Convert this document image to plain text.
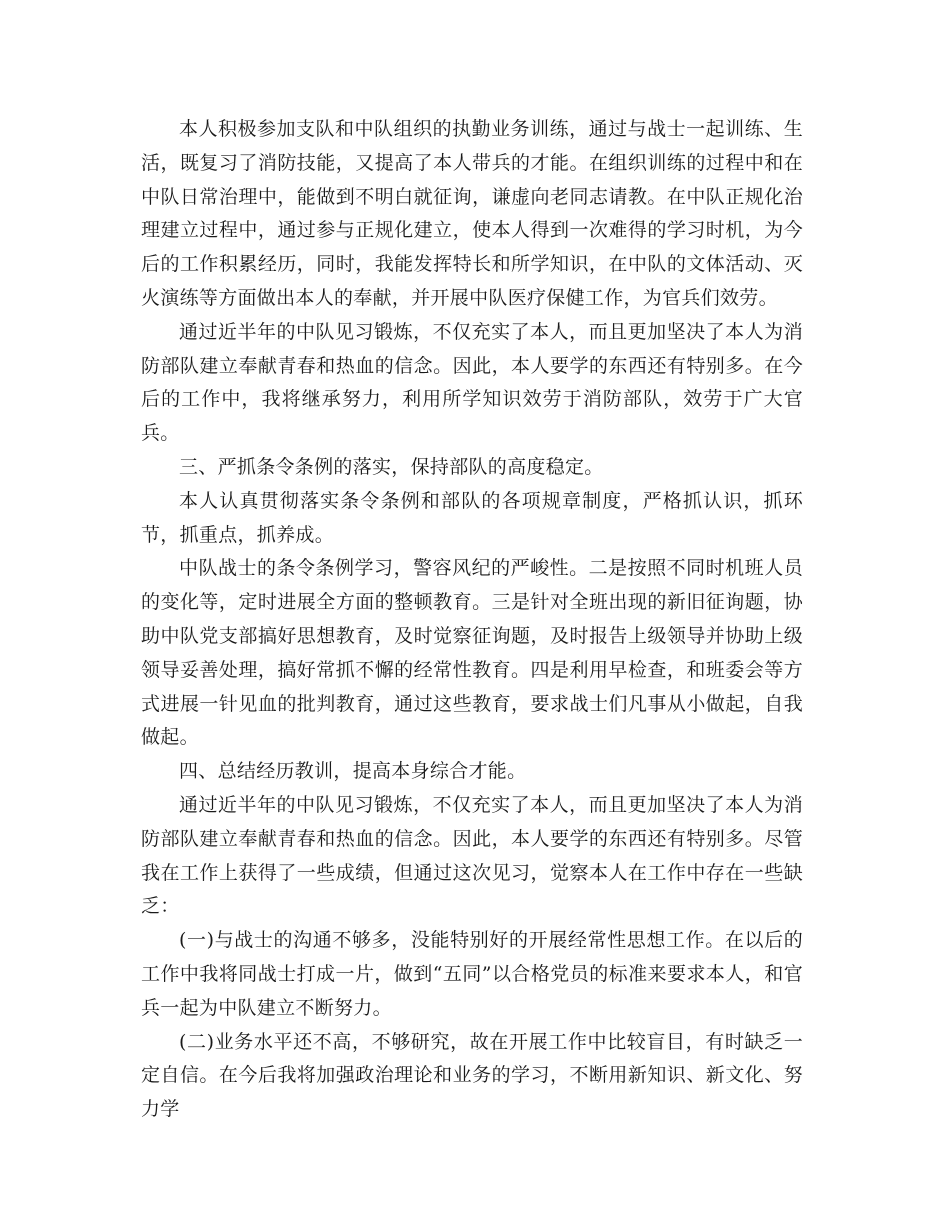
本人积极参加支队和中队组织的执勤业务训练，通过与战士一起训练、生活，既复习了消防技能，又提高了本人带兵的才能。在组织训练的过程中和在中队日常治理中，能做到不明白就征询，谦虚向老同志请教。在中队正规化治理建立过程中，通过参与正规化建立，使本人得到一次难得的学习时机，为今后的工作积累经历，同时，我能发挥特长和所学知识，在中队的文体活动、灭火演练等方面做出本人的奉献，并开展中队医疗保健工作，为官兵们效劳。

通过近半年的中队见习锻炼，不仅充实了本人，而且更加坚决了本人为消防部队建立奉献青春和热血的信念。因此，本人要学的东西还有特别多。在今后的工作中，我将继承努力，利用所学知识效劳于消防部队，效劳于广大官兵。

三、严抓条令条例的落实，保持部队的高度稳定。

本人认真贯彻落实条令条例和部队的各项规章制度，严格抓认识，抓环节，抓重点，抓养成。

中队战士的条令条例学习，警容风纪的严峻性。二是按照不同时机班人员的变化等，定时进展全方面的整顿教育。三是针对全班出现的新旧征询题，协助中队党支部搞好思想教育，及时觉察征询题，及时报告上级领导并协助上级领导妥善处理，搞好常抓不懈的经常性教育。四是利用早检查，和班委会等方式进展一针见血的批判教育，通过这些教育，要求战士们凡事从小做起，自我做起。

四、总结经历教训，提高本身综合才能。

通过近半年的中队见习锻炼，不仅充实了本人，而且更加坚决了本人为消防部队建立奉献青春和热血的信念。因此，本人要学的东西还有特别多。尽管我在工作上获得了一些成绩，但通过这次见习，觉察本人在工作中存在一些缺乏：

(一)与战士的沟通不够多，没能特别好的开展经常性思想工作。在以后的工作中我将同战士打成一片，做到“五同”以合格党员的标准来要求本人，和官兵一起为中队建立不断努力。

(二)业务水平还不高，不够研究，故在开展工作中比较盲目，有时缺乏一定自信。在今后我将加强政治理论和业务的学习，不断用新知识、新文化、努力学
